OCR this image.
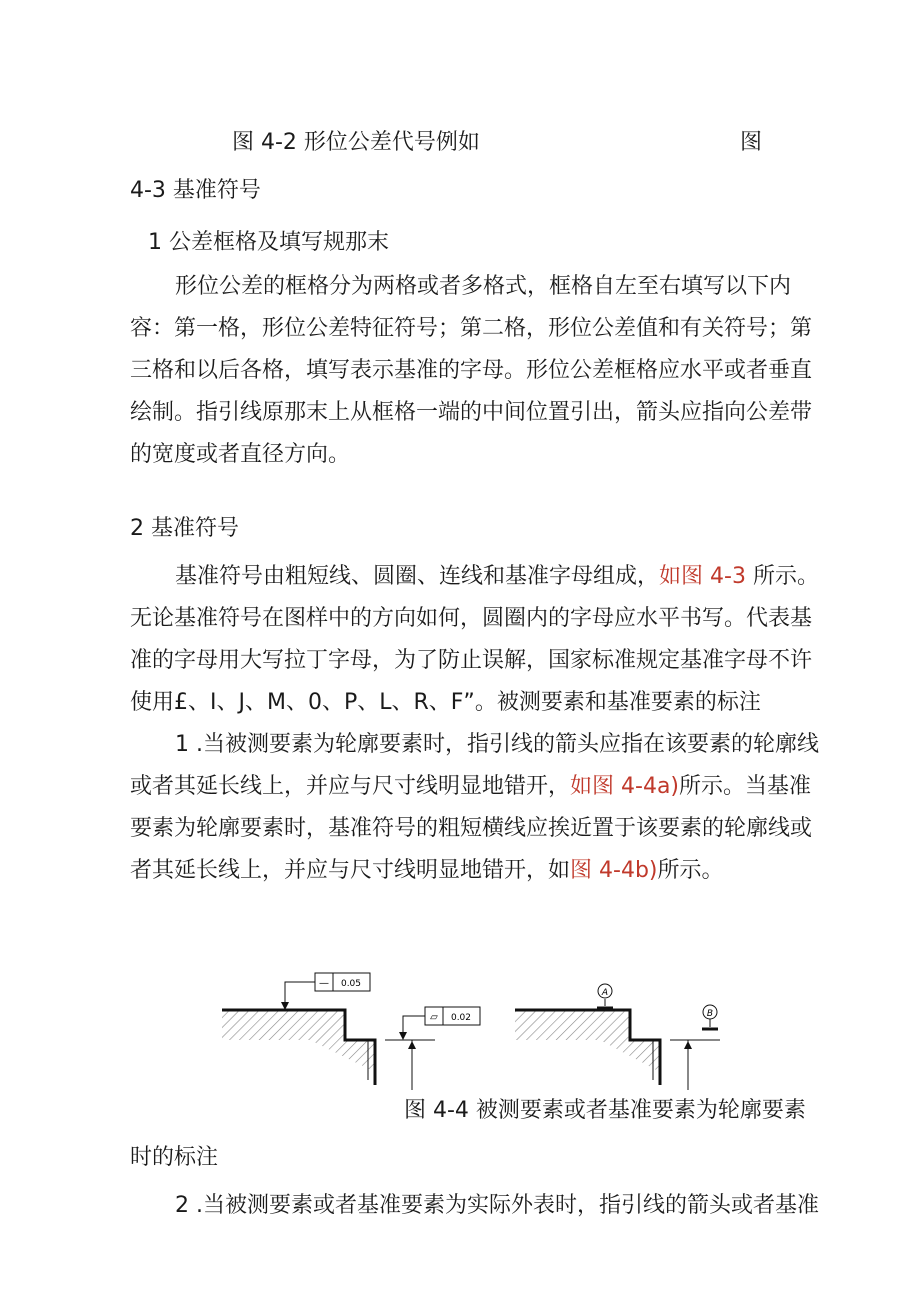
图 4-2 形位公差代号例如	图
4-3 基准符号
1 公差框格及填写规那末

形位公差的框格分为两格或者多格式，框格自左至右填写以下内容：第一格，形位公差特征符号；第二格，形位公差值和有关符号；第三格和以后各格，填写表示基准的字母。形位公差框格应水平或者垂直绘制。指引线原那末上从框格一端的中间位置引出，箭头应指向公差带的宽度或者直径方向。

2 基准符号

基准符号由粗短线、圆圈、连线和基准字母组成，如图 4-3 所示。无论基准符号在图样中的方向如何，圆圈内的字母应水平书写。代表基准的字母用大写拉丁字母，为了防止误解，国家标准规定基准字母不许使用£、I、J、M、0、P、L、R、F”。被测要素和基准要素的标注

1 .当被测要素为轮廓要素时，指引线的箭头应指在该要素的轮廓线或者其延长线上，并应与尺寸线明显地错开，如图 4-4a)所示。当基准要素为轮廓要素时，基准符号的粗短横线应挨近置于该要素的轮廓线或者其延长线上，并应与尺寸线明显地错开，如图 4-4b)所示。

— 0.05
▱ 0.02
A
B
图 4-4 被测要素或者基准要素为轮廓要素
时的标注
2 .当被测要素或者基准要素为实际外表时，指引线的箭头或者基准
